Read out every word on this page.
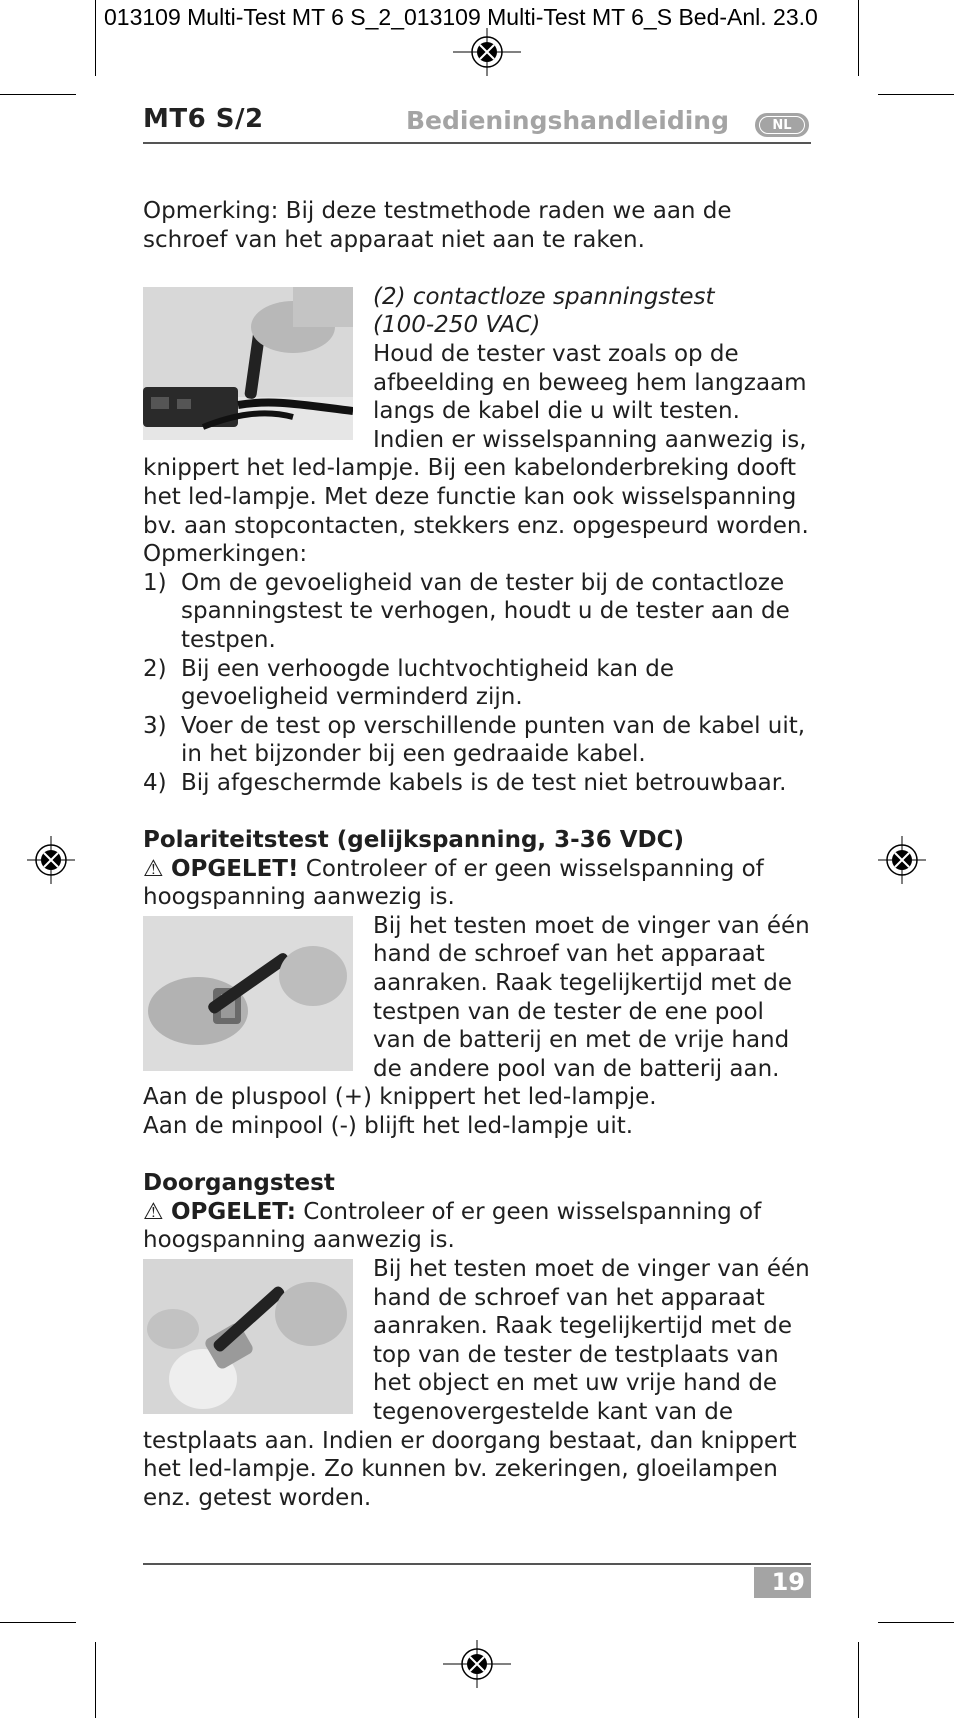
013109 Multi-Test MT 6 S_2_013109 Multi-Test MT 6_S Bed-Anl. 23.0
MT6 S/2	Bedieningshandleiding	NL

Opmerking: Bij deze testmethode raden we aan de schroef van het apparaat niet aan te raken.

(2) contactloze spanningstest

(100-250 VAC)

Houd de tester vast zoals op de afbeelding en beweeg hem langzaam langs de kabel die u wilt testen. Indien er wisselspanning aanwezig is, knippert het led-lampje. Bij een kabelonderbreking dooft het led-lampje. Met deze functie kan ook wisselspanning bv. aan stopcontacten, stekkers enz. opgespeurd worden.

Opmerkingen:

1) Om de gevoeligheid van de tester bij de contactloze spanningstest te verhogen, houdt u de tester aan de testpen.
2) Bij een verhoogde luchtvochtigheid kan de gevoeligheid verminderd zijn.
3) Voer de test op verschillende punten van de kabel uit, in het bijzonder bij een gedraaide kabel.
4) Bij afgeschermde kabels is de test niet betrouwbaar.

Polariteitstest (gelijkspanning, 3-36 VDC)

⚠ OPGELET! Controleer of er geen wisselspanning of hoogspanning aanwezig is.

Bij het testen moet de vinger van één hand de schroef van het apparaat aanraken. Raak tegelijkertijd met de testpen van de tester de ene pool van de batterij en met de vrije hand de andere pool van de batterij aan.

Aan de pluspool (+) knippert het led-lampje.

Aan de minpool (-) blijft het led-lampje uit.

Doorgangstest

⚠ OPGELET: Controleer of er geen wisselspanning of hoogspanning aanwezig is.

Bij het testen moet de vinger van één hand de schroef van het apparaat aanraken. Raak tegelijkertijd met de top van de tester de testplaats van het object en met uw vrije hand de tegenovergestelde kant van de testplaats aan. Indien er doorgang bestaat, dan knippert het led-lampje. Zo kunnen bv. zekeringen, gloeilampen enz. getest worden.

19
